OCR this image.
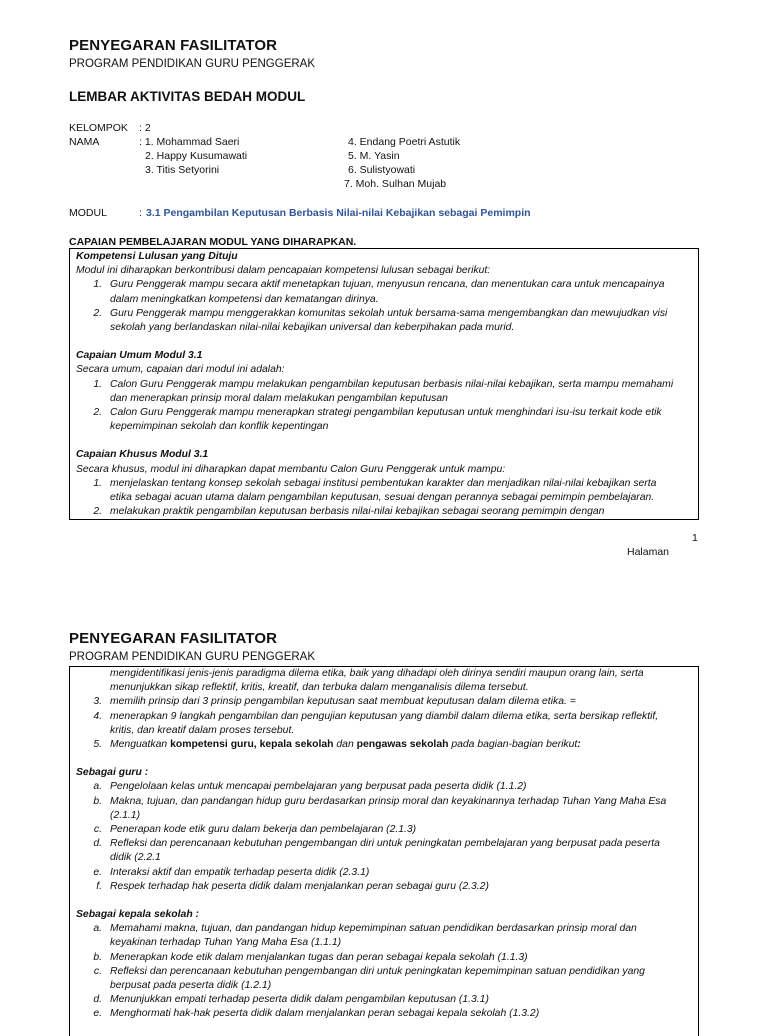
PENYEGARAN FASILITATOR
PROGRAM PENDIDIKAN GURU PENGGERAK
LEMBAR AKTIVITAS BEDAH MODUL
KELOMPOK : 2
NAMA	: 1. Mohammad Saeri
2. Happy Kusumawati
3. Titis Setyorini
4. Endang Poetri Astutik
5. M. Yasin
6. Sulistyowati
7. Moh. Sulhan Mujab
MODUL	: 3.1 Pengambilan Keputusan Berbasis Nilai-nilai Kebajikan sebagai Pemimpin
CAPAIAN PEMBELAJARAN MODUL YANG DIHARAPKAN.
Kompetensi Lulusan yang Dituju
Modul ini diharapkan berkontribusi dalam pencapaian kompetensi lulusan sebagai berikut:
1. Guru Penggerak mampu secara aktif menetapkan tujuan, menyusun rencana, dan menentukan cara untuk mencapainya
dalam meningkatkan kompetensi dan kematangan dirinya.
2. Guru Penggerak mampu menggerakkan komunitas sekolah untuk bersama-sama mengembangkan dan mewujudkan visi
sekolah yang berlandaskan nilai-nilai kebajikan universal dan keberpihakan pada murid.
Capaian Umum Modul 3.1
Secara umum, capaian dari modul ini adalah:
1. Calon Guru Penggerak mampu melakukan pengambilan keputusan berbasis nilai-nilai kebajikan, serta mampu memahami
dan menerapkan prinsip moral dalam melakukan pengambilan keputusan
2. Calon Guru Penggerak mampu menerapkan strategi pengambilan keputusan untuk menghindari isu-isu terkait kode etik
kepemimpinan sekolah dan konflik kepentingan
Capaian Khusus Modul 3.1
Secara khusus, modul ini diharapkan dapat membantu Calon Guru Penggerak untuk mampu:
1. menjelaskan tentang konsep sekolah sebagai institusi pembentukan karakter dan menjadikan nilai-nilai kebajikan serta
etika sebagai acuan utama dalam pengambilan keputusan, sesuai dengan perannya sebagai pemimpin pembelajaran.
2. melakukan praktik pengambilan keputusan berbasis nilai-nilai kebajikan sebagai seorang pemimpin dengan
1
Halaman
PENYEGARAN FASILITATOR
PROGRAM PENDIDIKAN GURU PENGGERAK
mengidentifikasi jenis-jenis paradigma dilema etika, baik yang dihadapi oleh dirinya sendiri maupun orang lain, serta
menunjukkan sikap reflektif, kritis, kreatif, dan terbuka dalam menganalisis dilema tersebut.
3. memilih prinsip dari 3 prinsip pengambilan keputusan saat membuat keputusan dalam dilema etika. =
4. menerapkan 9 langkah pengambilan dan pengujian keputusan yang diambil dalam dilema etika, serta bersikap reflektif,
kritis, dan kreatif dalam proses tersebut.
5. Menguatkan kompetensi guru, kepala sekolah dan pengawas sekolah pada bagian-bagian berikut:
Sebagai guru :
a. Pengelolaan kelas untuk mencapai pembelajaran yang berpusat pada peserta didik (1.1.2)
b. Makna, tujuan, dan pandangan hidup guru berdasarkan prinsip moral dan keyakinannya terhadap Tuhan Yang Maha Esa
(2.1.1)
c. Penerapan kode etik guru dalam bekerja dan pembelajaran (2.1.3)
d. Refleksi dan perencanaan kebutuhan pengembangan diri untuk peningkatan pembelajaran yang berpusat pada peserta
didik (2.2.1
e. Interaksi aktif dan empatik terhadap peserta didik (2.3.1)
f. Respek terhadap hak peserta didik dalam menjalankan peran sebagai guru (2.3.2)
Sebagai kepala sekolah :
a. Memahami makna, tujuan, dan pandangan hidup kepemimpinan satuan pendidikan berdasarkan prinsip moral dan
keyakinan terhadap Tuhan Yang Maha Esa (1.1.1)
b. Menerapkan kode etik dalam menjalankan tugas dan peran sebagai kepala sekolah (1.1.3)
c. Refleksi dan perencanaan kebutuhan pengembangan diri untuk peningkatan kepemimpinan satuan pendidikan yang
berpusat pada peserta didik (1.2.1)
d. Menunjukkan empati terhadap peserta didik dalam pengambilan keputusan (1.3.1)
e. Menghormati hak-hak peserta didik dalam menjalankan peran sebagai kepala sekolah (1.3.2)
